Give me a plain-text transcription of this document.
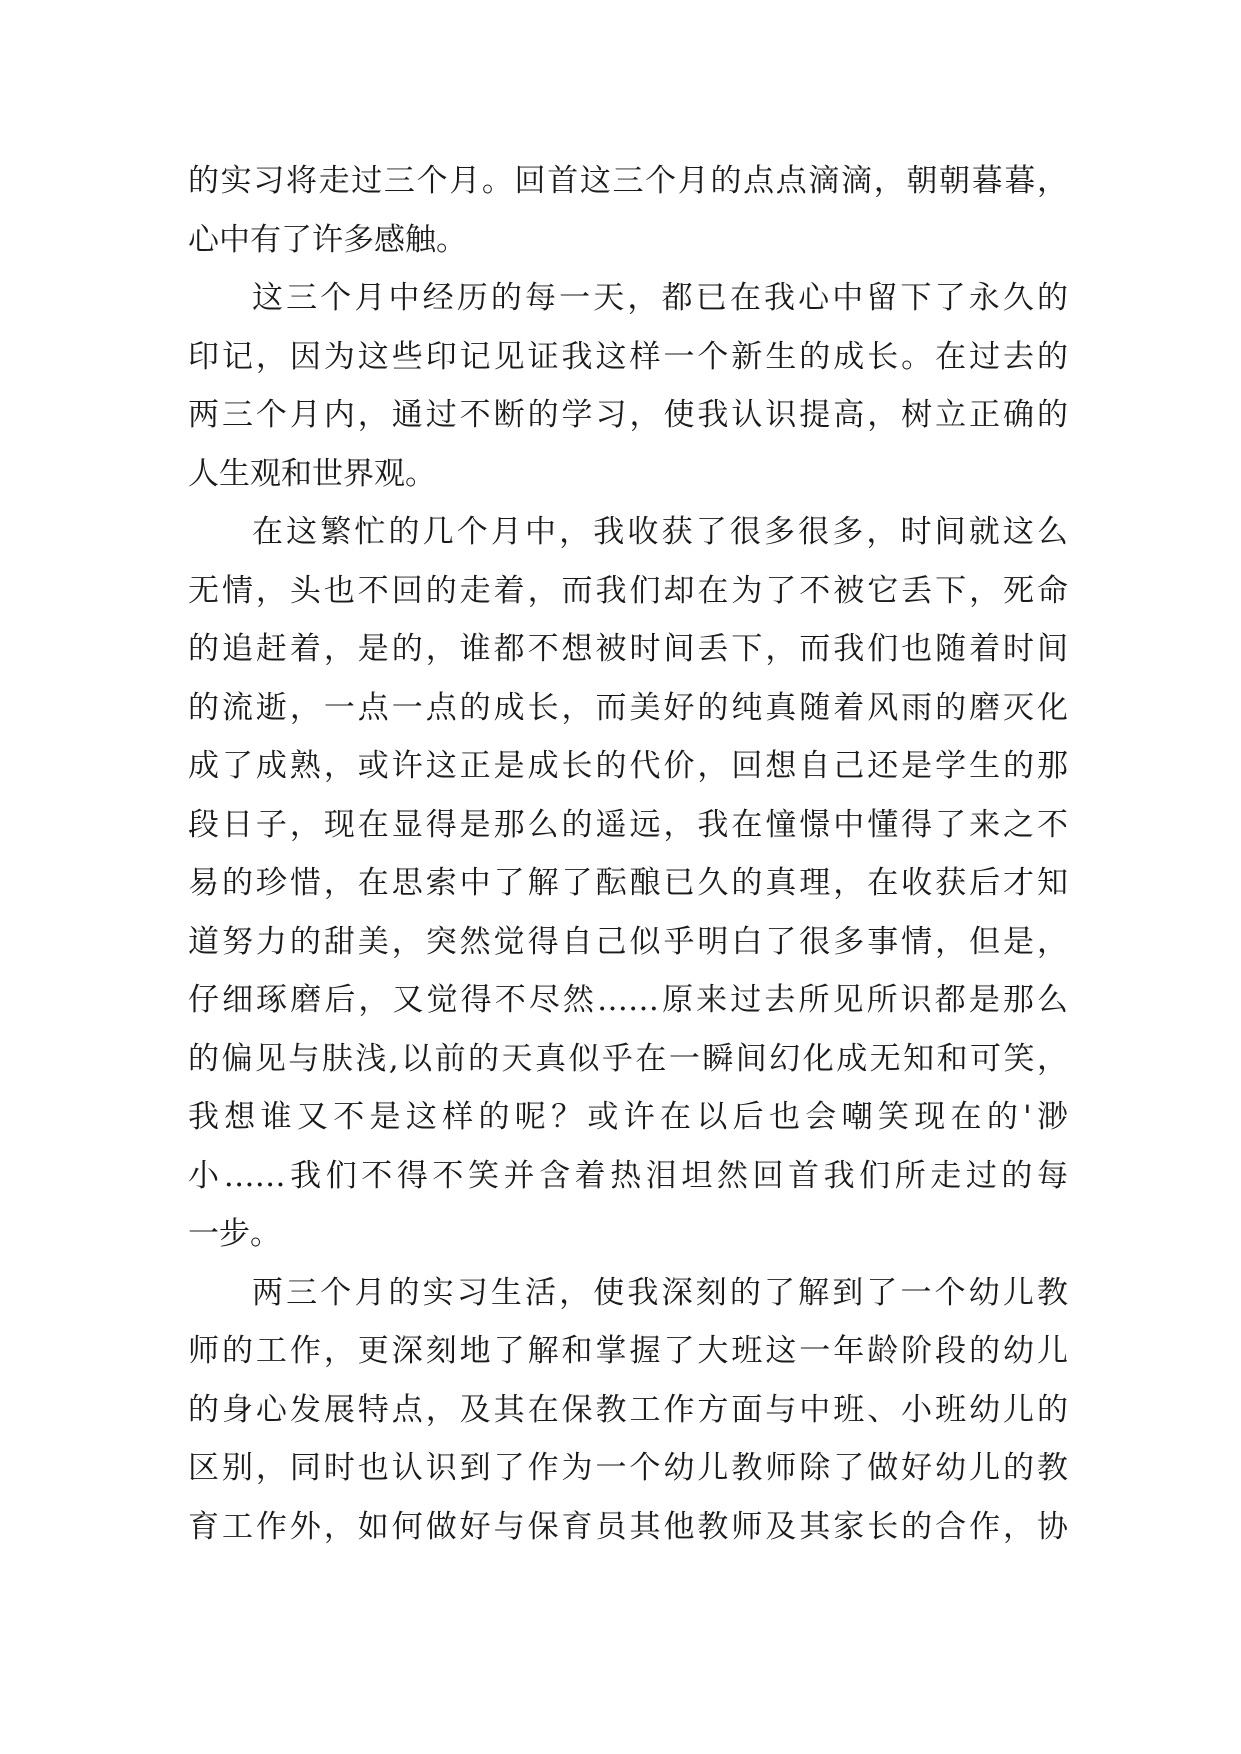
的实习将走过三个月。回首这三个月的点点滴滴，朝朝暮暮，
心中有了许多感触。
这三个月中经历的每一天，都已在我心中留下了永久的
印记，因为这些印记见证我这样一个新生的成长。在过去的
两三个月内，通过不断的学习，使我认识提高，树立正确的
人生观和世界观。
在这繁忙的几个月中，我收获了很多很多，时间就这么
无情，头也不回的走着，而我们却在为了不被它丢下，死命
的追赶着，是的，谁都不想被时间丢下，而我们也随着时间
的流逝，一点一点的成长，而美好的纯真随着风雨的磨灭化
成了成熟，或许这正是成长的代价，回想自己还是学生的那
段日子，现在显得是那么的遥远，我在憧憬中懂得了来之不
易的珍惜，在思索中了解了酝酿已久的真理，在收获后才知
道努力的甜美，突然觉得自己似乎明白了很多事情，但是，
仔细琢磨后，又觉得不尽然……原来过去所见所识都是那么
的偏见与肤浅,以前的天真似乎在一瞬间幻化成无知和可笑，
我想谁又不是这样的呢？或许在以后也会嘲笑现在的'渺
小……我们不得不笑并含着热泪坦然回首我们所走过的每
一步。
两三个月的实习生活，使我深刻的了解到了一个幼儿教
师的工作，更深刻地了解和掌握了大班这一年龄阶段的幼儿
的身心发展特点，及其在保教工作方面与中班、小班幼儿的
区别，同时也认识到了作为一个幼儿教师除了做好幼儿的教
育工作外，如何做好与保育员其他教师及其家长的合作，协
